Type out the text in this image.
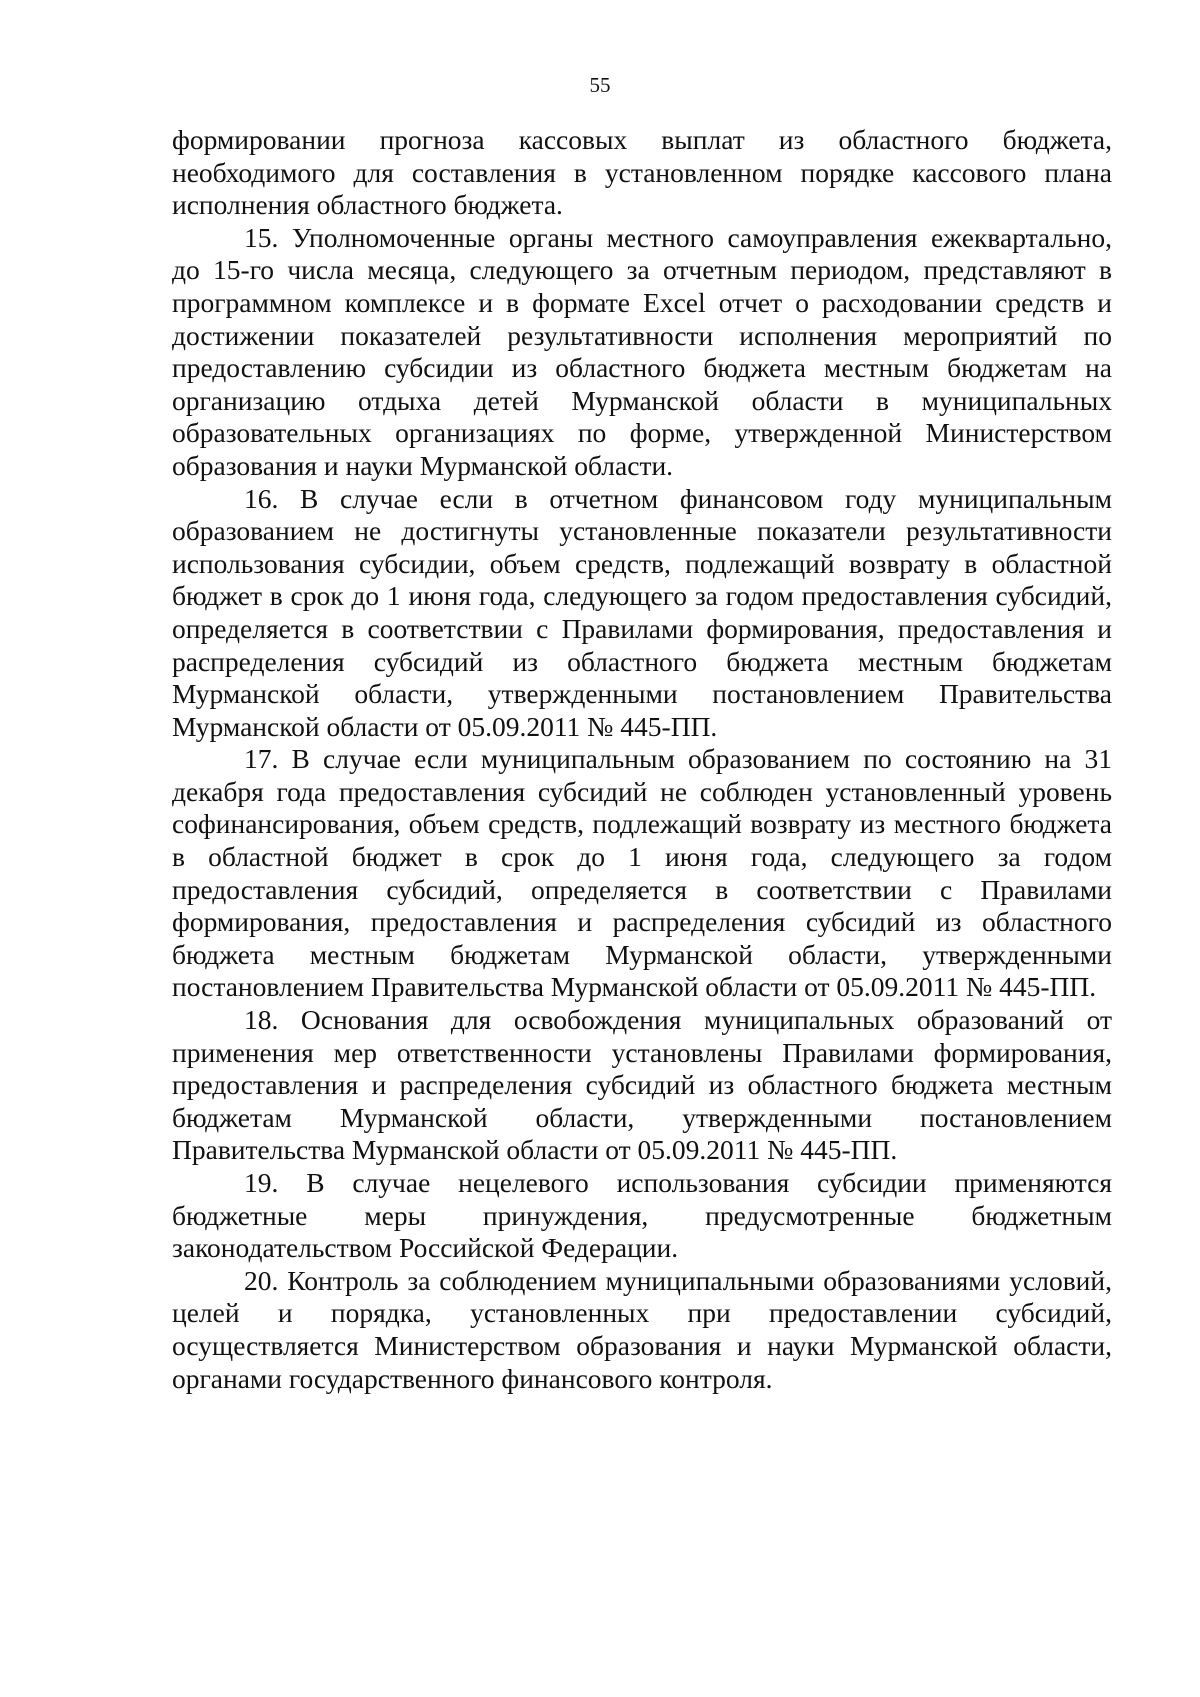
55

формировании прогноза кассовых выплат из областного бюджета, необходимого для составления в установленном порядке кассового плана исполнения областного бюджета.

15. Уполномоченные органы местного самоуправления ежеквартально, до 15-го числа месяца, следующего за отчетным периодом, представляют в программном комплексе и в формате Excel отчет о расходовании средств и достижении показателей результативности исполнения мероприятий по предоставлению субсидии из областного бюджета местным бюджетам на организацию отдыха детей Мурманской области в муниципальных образовательных организациях по форме, утвержденной Министерством образования и науки Мурманской области.

16. В случае если в отчетном финансовом году муниципальным образованием не достигнуты установленные показатели результативности использования субсидии, объем средств, подлежащий возврату в областной бюджет в срок до 1 июня года, следующего за годом предоставления субсидий, определяется в соответствии с Правилами формирования, предоставления и распределения субсидий из областного бюджета местным бюджетам Мурманской области, утвержденными постановлением Правительства Мурманской области от 05.09.2011 № 445-ПП.

17. В случае если муниципальным образованием по состоянию на 31 декабря года предоставления субсидий не соблюден установленный уровень софинансирования, объем средств, подлежащий возврату из местного бюджета в областной бюджет в срок до 1 июня года, следующего за годом предоставления субсидий, определяется в соответствии с Правилами формирования, предоставления и распределения субсидий из областного бюджета местным бюджетам Мурманской области, утвержденными постановлением Правительства Мурманской области от 05.09.2011 № 445-ПП.

18. Основания для освобождения муниципальных образований от применения мер ответственности установлены Правилами формирования, предоставления и распределения субсидий из областного бюджета местным бюджетам Мурманской области, утвержденными постановлением Правительства Мурманской области от 05.09.2011 № 445-ПП.

19. В случае нецелевого использования субсидии применяются бюджетные меры принуждения, предусмотренные бюджетным законодательством Российской Федерации.

20. Контроль за соблюдением муниципальными образованиями условий, целей и порядка, установленных при предоставлении субсидий, осуществляется Министерством образования и науки Мурманской области, органами государственного финансового контроля.
